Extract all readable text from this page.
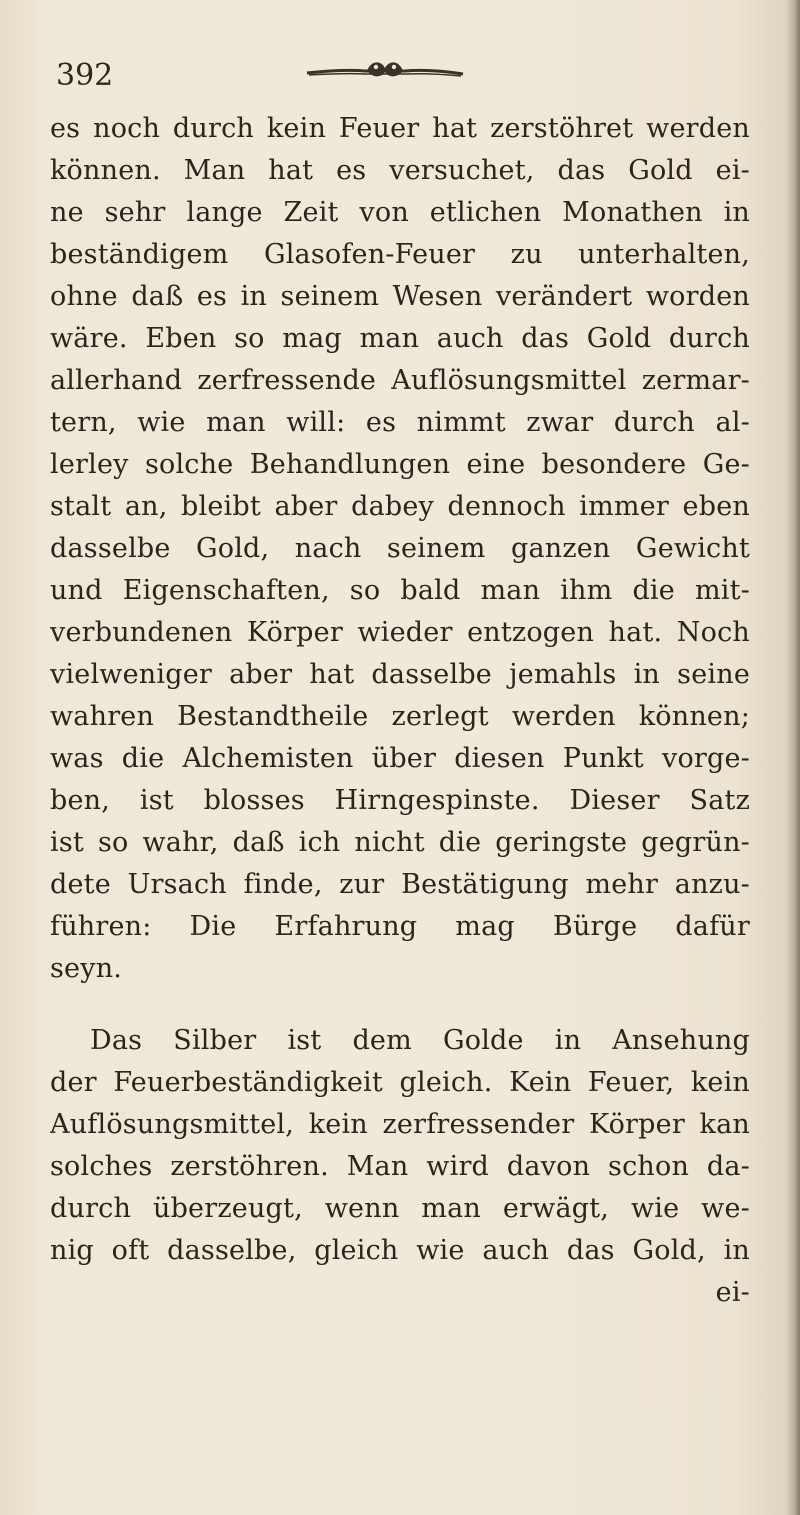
392
es noch durch kein Feuer hat zerstöhret werden
können. Man hat es versuchet, das Gold ei-
ne sehr lange Zeit von etlichen Monathen in
beständigem Glasofen-Feuer zu unterhalten,
ohne daß es in seinem Wesen verändert worden
wäre. Eben so mag man auch das Gold durch
allerhand zerfressende Auflösungsmittel zermar-
tern, wie man will: es nimmt zwar durch al-
lerley solche Behandlungen eine besondere Ge-
stalt an, bleibt aber dabey dennoch immer eben
dasselbe Gold, nach seinem ganzen Gewicht
und Eigenschaften, so bald man ihm die mit-
verbundenen Körper wieder entzogen hat. Noch
vielweniger aber hat dasselbe jemahls in seine
wahren Bestandtheile zerlegt werden können;
was die Alchemisten über diesen Punkt vorge-
ben, ist blosses Hirngespinste. Dieser Satz
ist so wahr, daß ich nicht die geringste gegrün-
dete Ursach finde, zur Bestätigung mehr anzu-
führen: Die Erfahrung mag Bürge dafür
seyn.
Das Silber ist dem Golde in Ansehung
der Feuerbeständigkeit gleich. Kein Feuer, kein
Auflösungsmittel, kein zerfressender Körper kan
solches zerstöhren. Man wird davon schon da-
durch überzeugt, wenn man erwägt, wie we-
nig oft dasselbe, gleich wie auch das Gold, in
ei-
